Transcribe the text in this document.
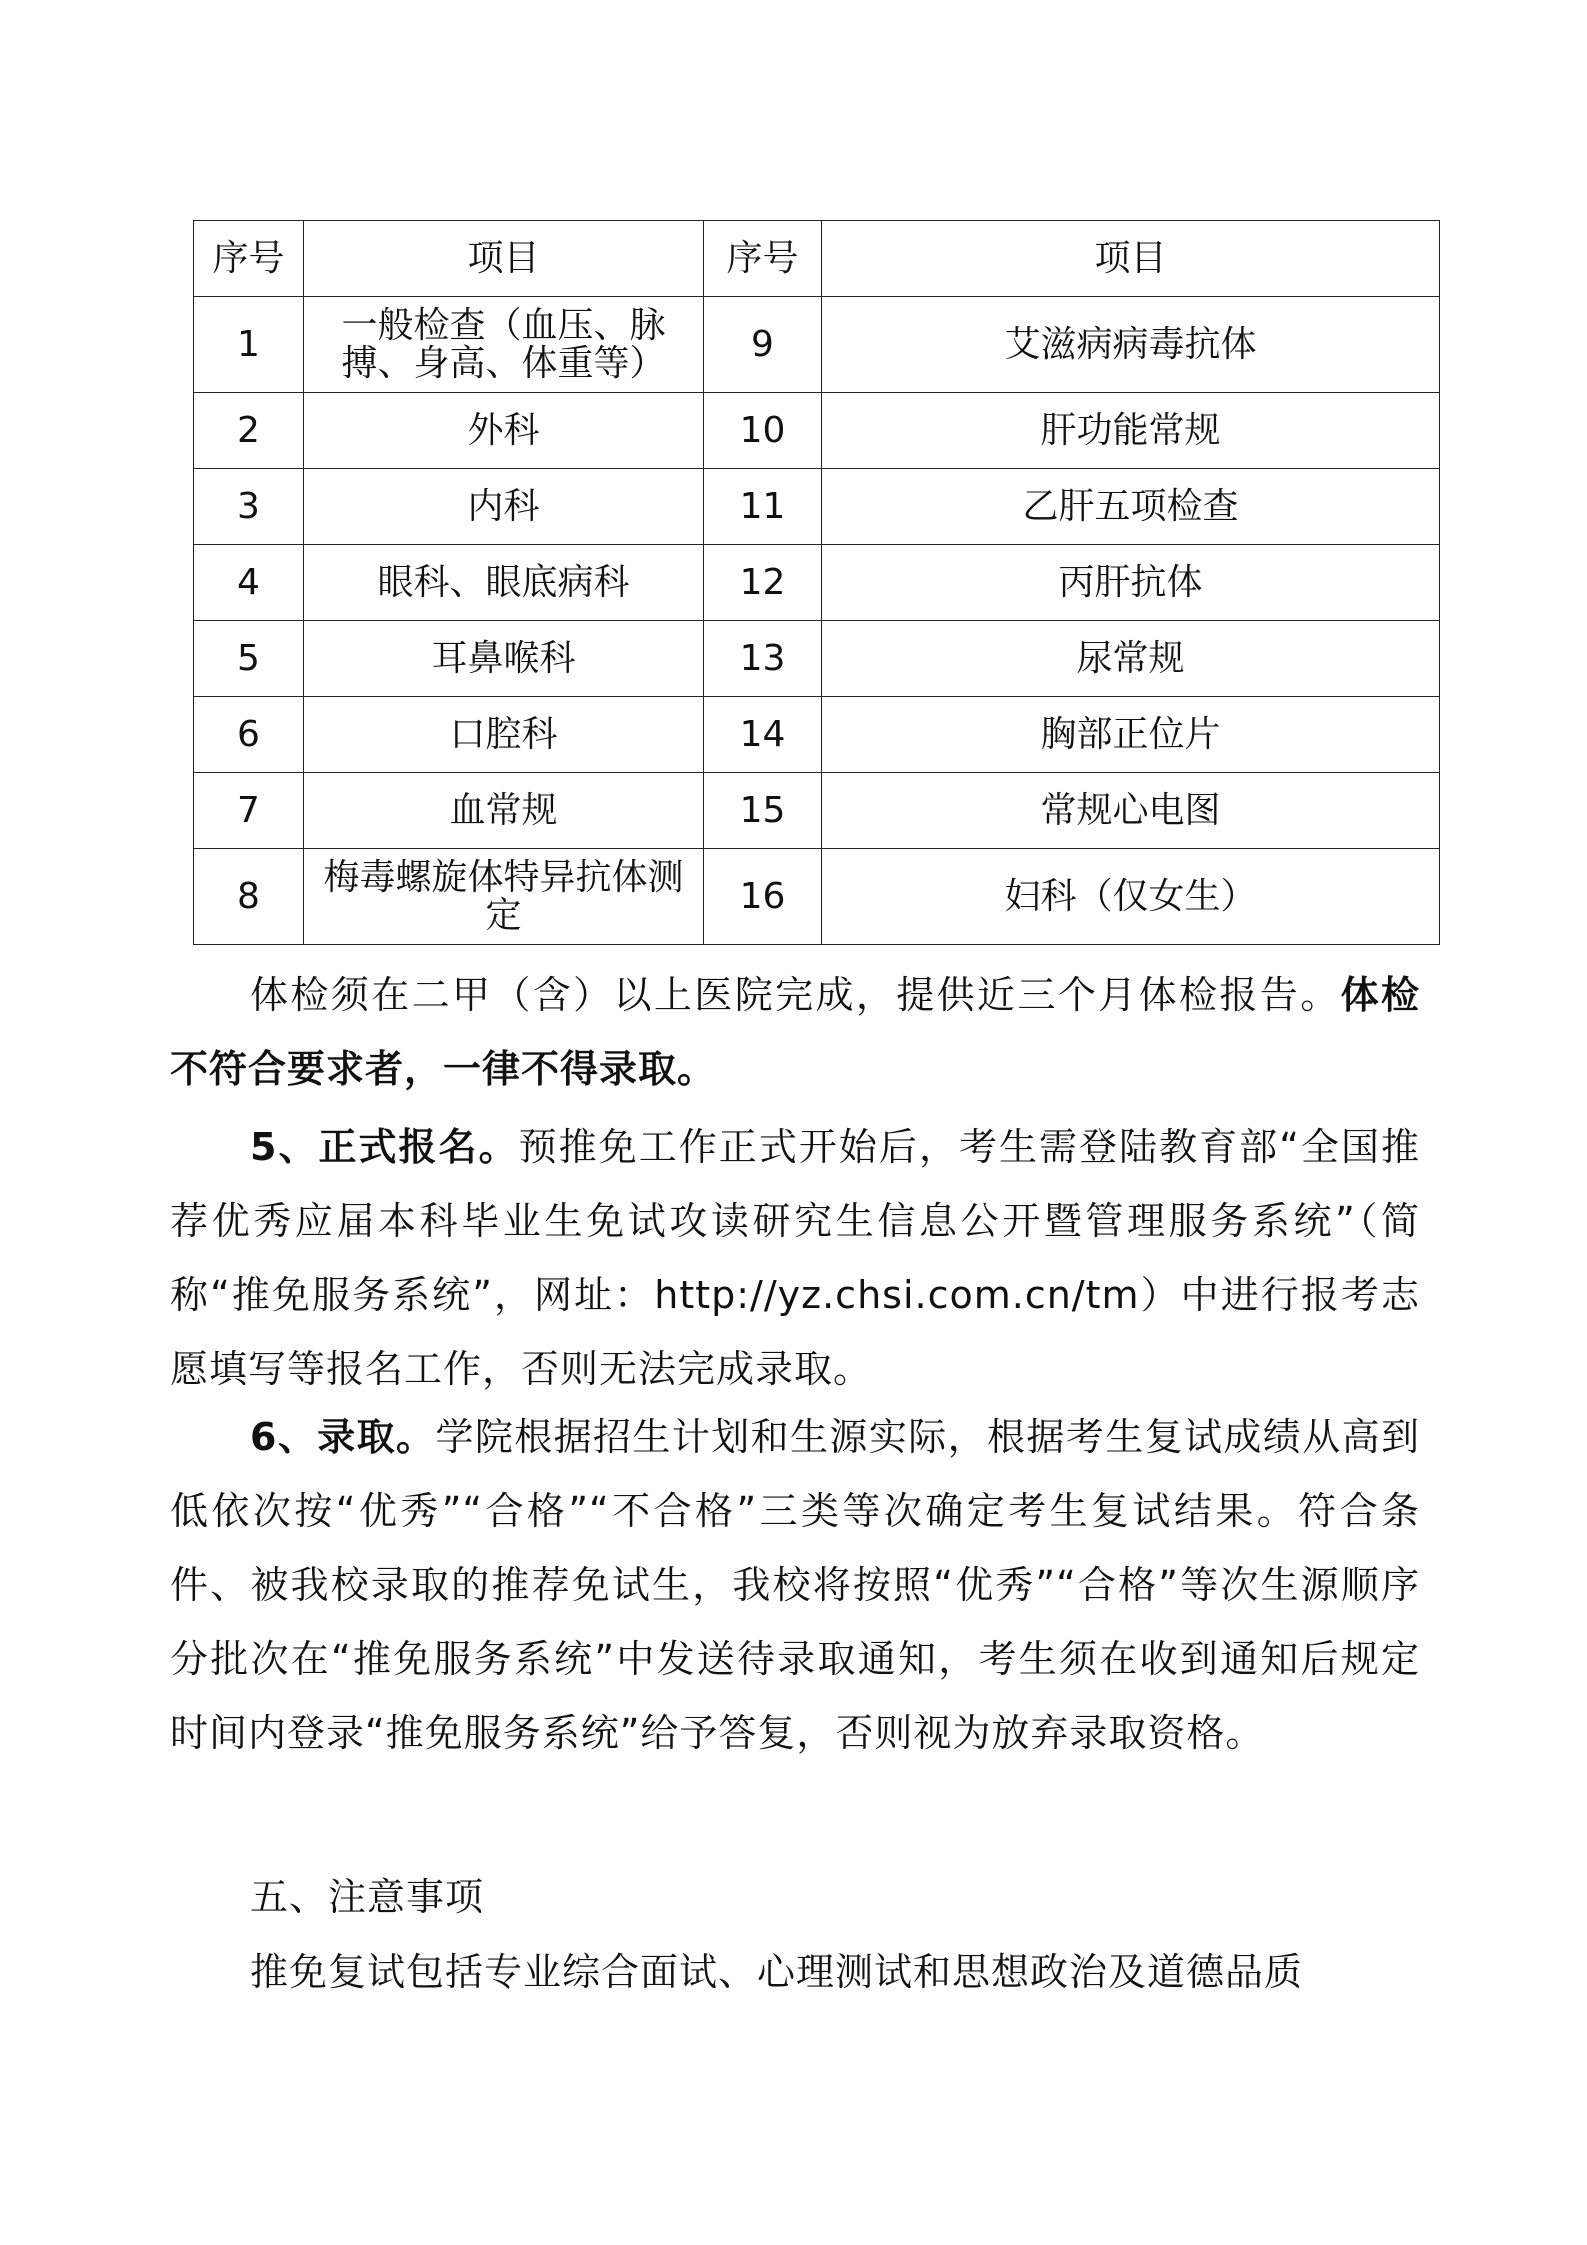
序号	项目	序号	项目
1	一般检查（血压、脉搏、身高、体重等）	9	艾滋病病毒抗体
2	外科	10	肝功能常规
3	内科	11	乙肝五项检查
4	眼科、眼底病科	12	丙肝抗体
5	耳鼻喉科	13	尿常规
6	口腔科	14	胸部正位片
7	血常规	15	常规心电图
8	梅毒螺旋体特异抗体测定	16	妇科（仅女生）

体检须在二甲（含）以上医院完成，提供近三个月体检报告。体检不符合要求者，一律不得录取。

5、正式报名。预推免工作正式开始后，考生需登陆教育部“全国推荐优秀应届本科毕业生免试攻读研究生信息公开暨管理服务系统”（简称“推免服务系统”，网址：http://yz.chsi.com.cn/tm）中进行报考志愿填写等报名工作，否则无法完成录取。

6、录取。学院根据招生计划和生源实际，根据考生复试成绩从高到低依次按“优秀”“合格”“不合格”三类等次确定考生复试结果。符合条件、被我校录取的推荐免试生，我校将按照“优秀”“合格”等次生源顺序分批次在“推免服务系统”中发送待录取通知，考生须在收到通知后规定时间内登录“推免服务系统”给予答复，否则视为放弃录取资格。

五、注意事项

推免复试包括专业综合面试、心理测试和思想政治及道德品质
